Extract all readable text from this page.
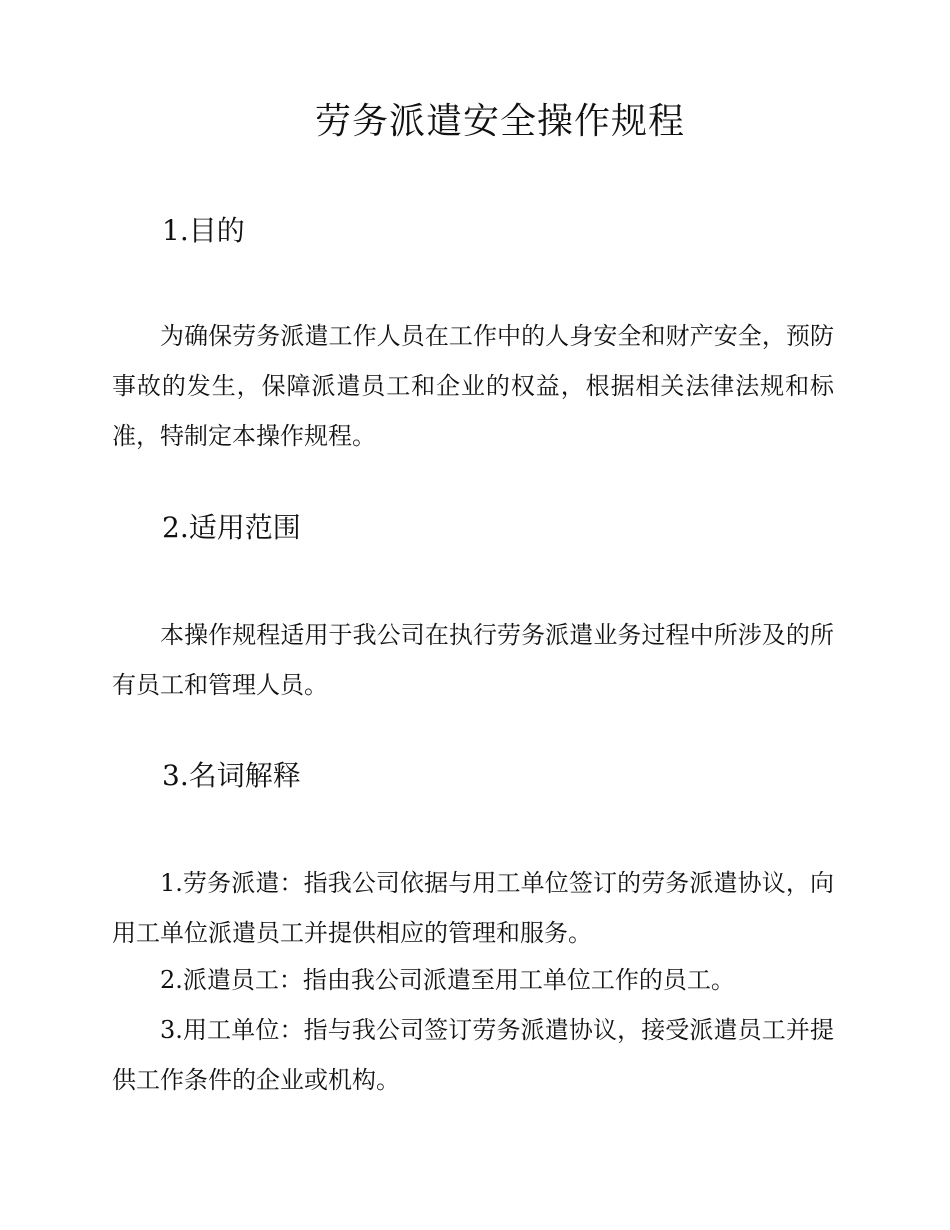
劳务派遣安全操作规程
1.目的

为确保劳务派遣工作人员在工作中的人身安全和财产安全，预防事故的发生，保障派遣员工和企业的权益，根据相关法律法规和标准，特制定本操作规程。

2.适用范围

本操作规程适用于我公司在执行劳务派遣业务过程中所涉及的所有员工和管理人员。

3.名词解释

1.劳务派遣：指我公司依据与用工单位签订的劳务派遣协议，向用工单位派遣员工并提供相应的管理和服务。

2.派遣员工：指由我公司派遣至用工单位工作的员工。

3.用工单位：指与我公司签订劳务派遣协议，接受派遣员工并提供工作条件的企业或机构。
